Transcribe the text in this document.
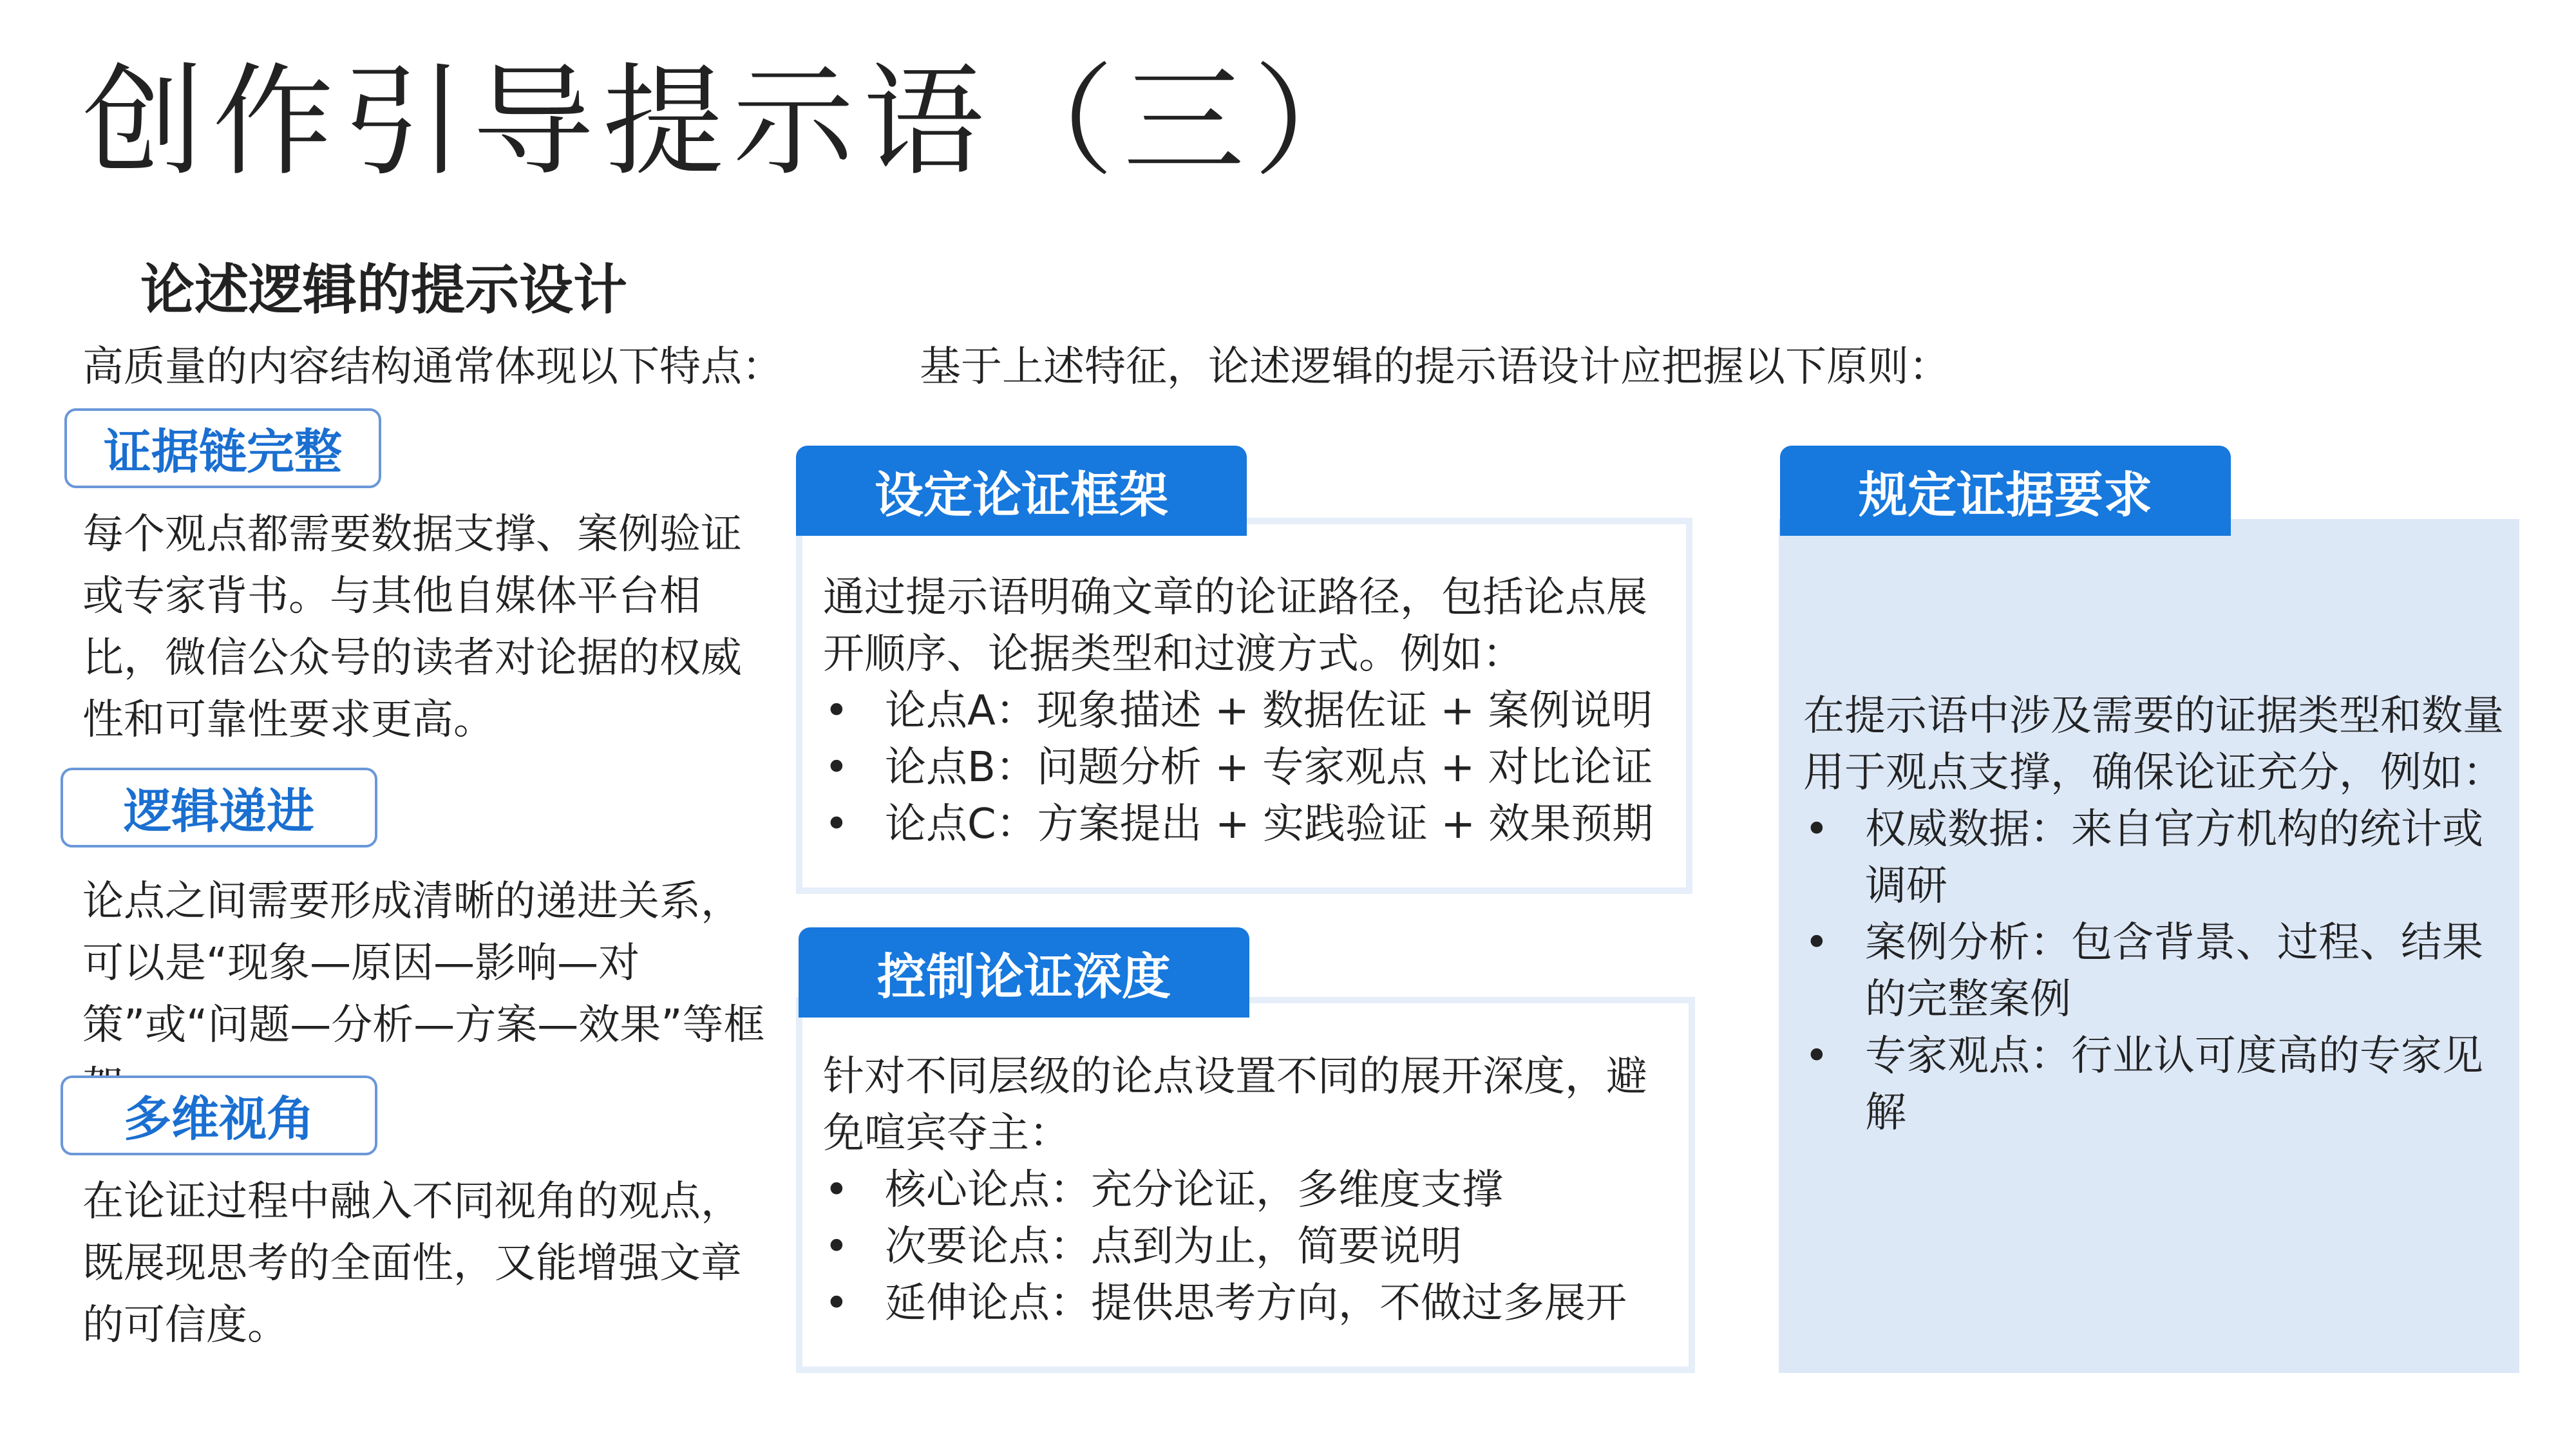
创作引导提示语（三）
论述逻辑的提示设计
高质量的内容结构通常体现以下特点：	基于上述特征，论述逻辑的提示语设计应把握以下原则：
证据链完整
每个观点都需要数据支撑、案例验证或专家背书。与其他自媒体平台相比，微信公众号的读者对论据的权威性和可靠性要求更高。
逻辑递进
论点之间需要形成清晰的递进关系，可以是“现象—原因—影响—对策”或“问题—分析—方案—效果”等框
多维视角
在论证过程中融入不同视角的观点，既展现思考的全面性，又能增强文章的可信度。
通过提示语明确文章的论证路径，包括论点展开顺序、论据类型和过渡方式。例如：
• 论点A：现象描述 + 数据佐证 + 案例说明
• 论点B：问题分析 + 专家观点 + 对比论证
• 论点C：方案提出 + 实践验证 + 效果预期
设定论证框架
针对不同层级的论点设置不同的展开深度，避免喧宾夺主：
• 核心论点：充分论证，多维度支撑
• 次要论点：点到为止，简要说明
• 延伸论点：提供思考方向，不做过多展开
控制论证深度
在提示语中涉及需要的证据类型和数量用于观点支撑，确保论证充分，例如：
• 权威数据：来自官方机构的统计或调研
• 案例分析：包含背景、过程、结果的完整案例
• 专家观点：行业认可度高的专家见解
规定证据要求
